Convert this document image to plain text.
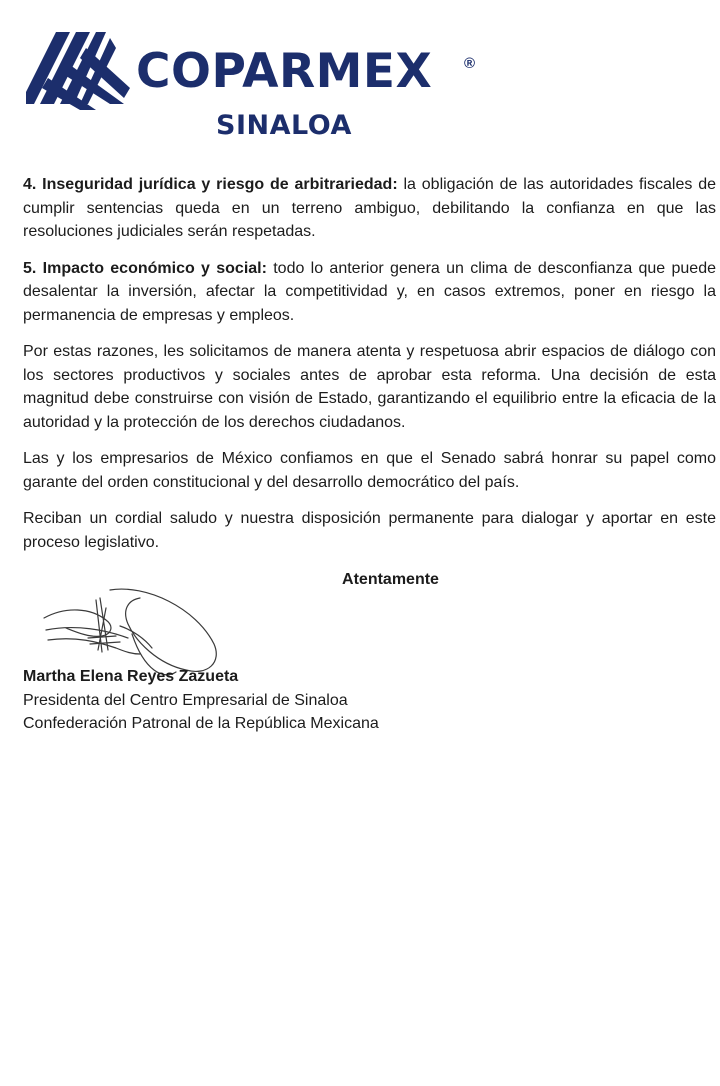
COPARMEX ®
SINALOA

4. Inseguridad jurídica y riesgo de arbitrariedad: la obligación de las autoridades fiscales de cumplir sentencias queda en un terreno ambiguo, debilitando la confianza en que las resoluciones judiciales serán respetadas.

5. Impacto económico y social: todo lo anterior genera un clima de desconfianza que puede desalentar la inversión, afectar la competitividad y, en casos extremos, poner en riesgo la permanencia de empresas y empleos.

Por estas razones, les solicitamos de manera atenta y respetuosa abrir espacios de diálogo con los sectores productivos y sociales antes de aprobar esta reforma. Una decisión de esta magnitud debe construirse con visión de Estado, garantizando el equilibrio entre la eficacia de la autoridad y la protección de los derechos ciudadanos.

Las y los empresarios de México confiamos en que el Senado sabrá honrar su papel como garante del orden constitucional y del desarrollo democrático del país.

Reciban un cordial saludo y nuestra disposición permanente para dialogar y aportar en este proceso legislativo.

Atentamente
Martha Elena Reyes Zazueta
Presidenta del Centro Empresarial de Sinaloa
Confederación Patronal de la República Mexicana
